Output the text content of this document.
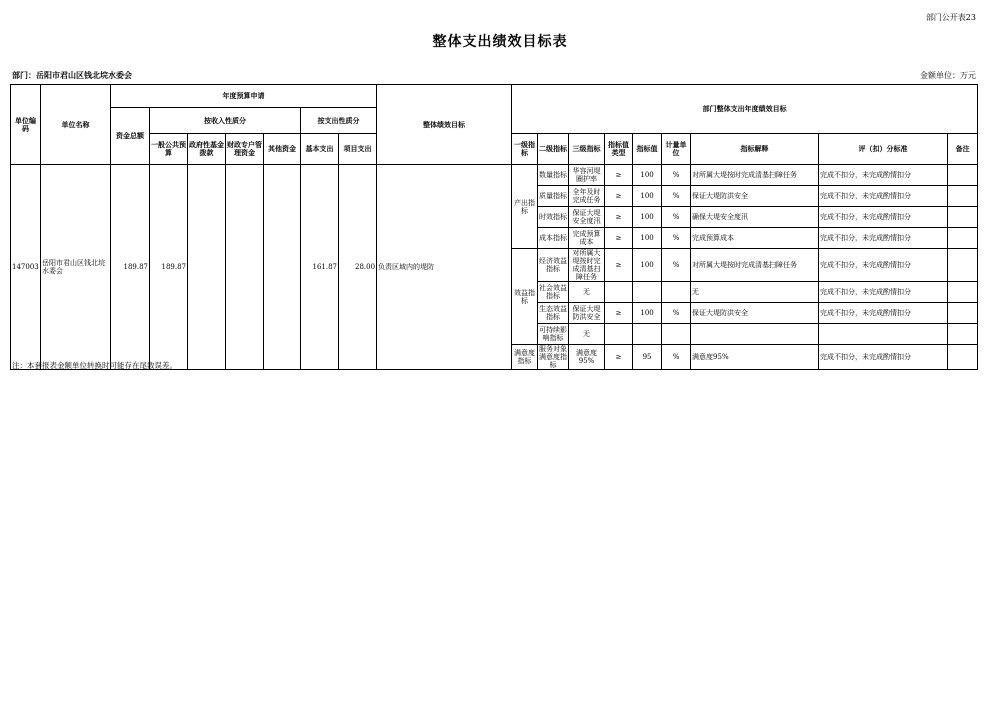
部门公开表23
整体支出绩效目标表
部门：岳阳市君山区钱北垸水委会	金额单位：万元
单位编码	单位名称	年度预算申请							整体绩效目标	部门整体支出年度绩效目标								
		资金总额	按收入性质分				按支出性质分											
			一般公共预算	政府性基金拨款	财政专户管理资金	其他资金	基本支出	项目支出		一级指标	二级指标	三级指标	指标值类型	指标值	计量单位	指标解释	评（扣）分标准	备注
147003	岳阳市君山区钱北垸水委会	189.87	189.87				161.87	28.00	负责区域内的堤防	产出指标	数量指标	华容河堤圈护率	≥	100	%	对所属大堤按时完成清基扫障任务	完成不扣分，未完成酌情扣分	
											质量指标	全年及时完成任务	≥	100	%	保证大堤防洪安全	完成不扣分，未完成酌情扣分	
											时效指标	保证大堤安全度汛	≥	100	%	确保大堤安全度汛	完成不扣分，未完成酌情扣分	
											成本指标	完成预算成本	≥	100	%	完成预算成本	完成不扣分，未完成酌情扣分	
										效益指标	经济效益指标	对所属大堤按时完成清基扫障任务	≥	100	%	对所属大堤按时完成清基扫障任务	完成不扣分，未完成酌情扣分	
											社会效益指标	无				无	完成不扣分，未完成酌情扣分	
											生态效益指标	保证大堤防洪安全	≥	100	%	保证大堤防洪安全	完成不扣分，未完成酌情扣分	
											可持续影响指标	无						
										满意度指标	服务对象满意度指标	满意度95%	≥	95	%	满意度95%	完成不扣分，未完成酌情扣分	
注：本套报表金额单位转换时可能存在尾数误差。
